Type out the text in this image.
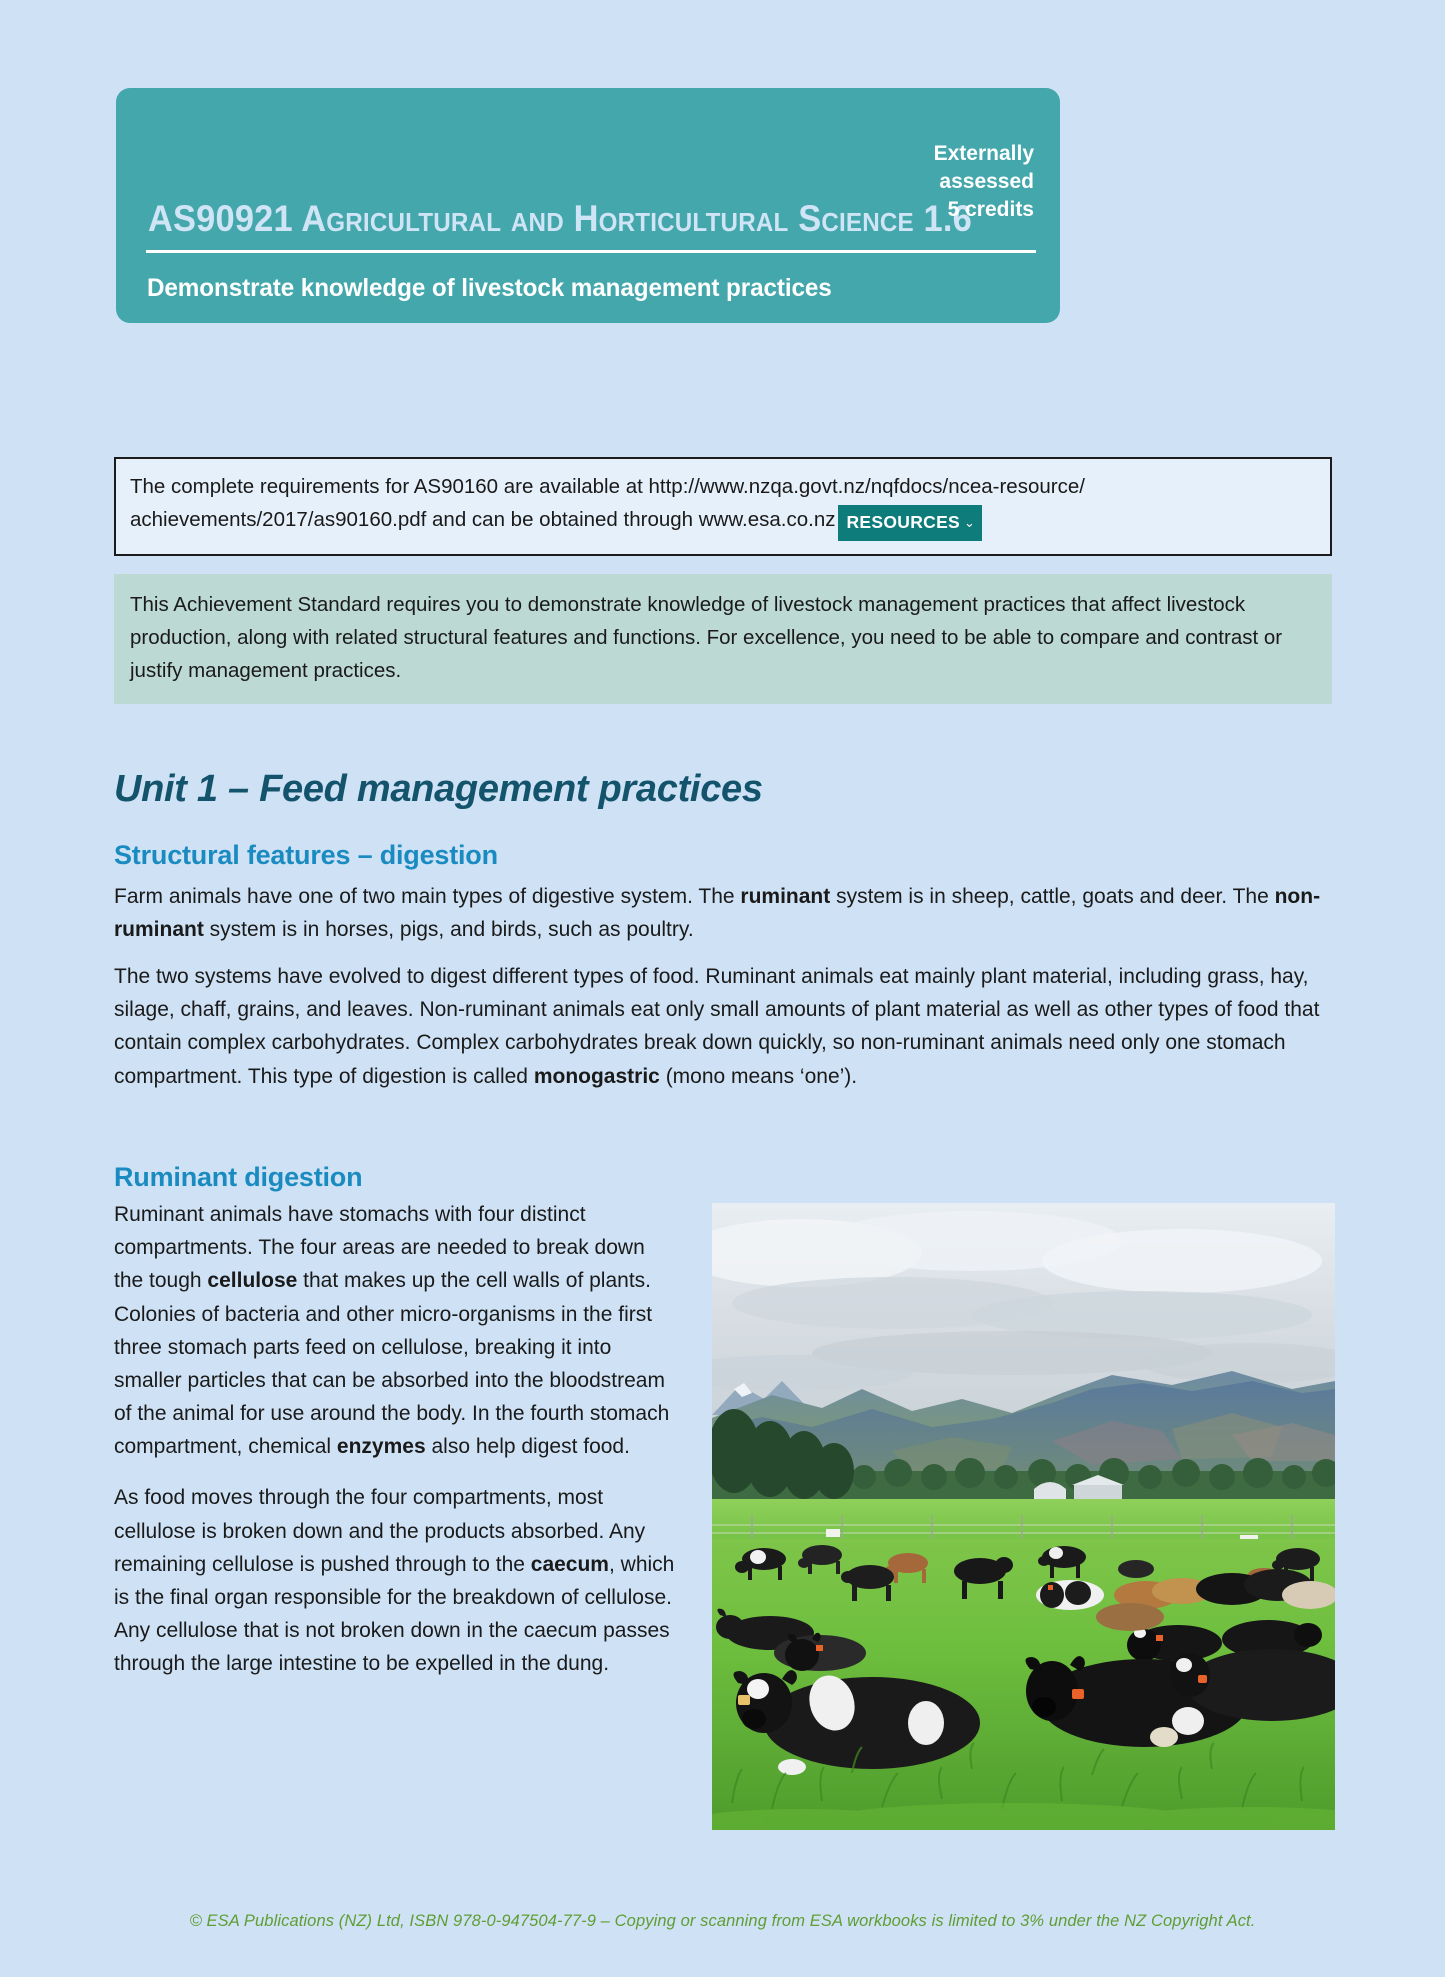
AS90921 Agricultural and Horticultural Science 1.6
Externally
assessed
5 credits
Demonstrate knowledge of livestock management practices
The complete requirements for AS90160 are available at http://www.nzqa.govt.nz/nqfdocs/ncea-resource/ achievements/2017/as90160.pdf and can be obtained through www.esa.co.nz RESOURCES ⌄
This Achievement Standard requires you to demonstrate knowledge of livestock management practices that affect livestock production, along with related structural features and functions. For excellence, you need to be able to compare and contrast or justify management practices.
Unit 1 – Feed management practices
Structural features – digestion
Farm animals have one of two main types of digestive system. The ruminant system is in sheep, cattle, goats and deer. The non-ruminant system is in horses, pigs, and birds, such as poultry.
The two systems have evolved to digest different types of food. Ruminant animals eat mainly plant material, including grass, hay, silage, chaff, grains, and leaves. Non-ruminant animals eat only small amounts of plant material as well as other types of food that contain complex carbohydrates. Complex carbohydrates break down quickly, so non-ruminant animals need only one stomach compartment. This type of digestion is called monogastric (mono means ‘one’).
Ruminant digestion

Ruminant animals have stomachs with four distinct compartments. The four areas are needed to break down the tough cellulose that makes up the cell walls of plants. Colonies of bacteria and other micro-organisms in the first three stomach parts feed on cellulose, breaking it into smaller particles that can be absorbed into the bloodstream of the animal for use around the body. In the fourth stomach compartment, chemical enzymes also help digest food.

As food moves through the four compartments, most cellulose is broken down and the products absorbed. Any remaining cellulose is pushed through to the caecum, which is the final organ responsible for the breakdown of cellulose. Any cellulose that is not broken down in the caecum passes through the large intestine to be expelled in the dung.

© ESA Publications (NZ) Ltd, ISBN 978-0-947504-77-9 – Copying or scanning from ESA workbooks is limited to 3% under the NZ Copyright Act.
